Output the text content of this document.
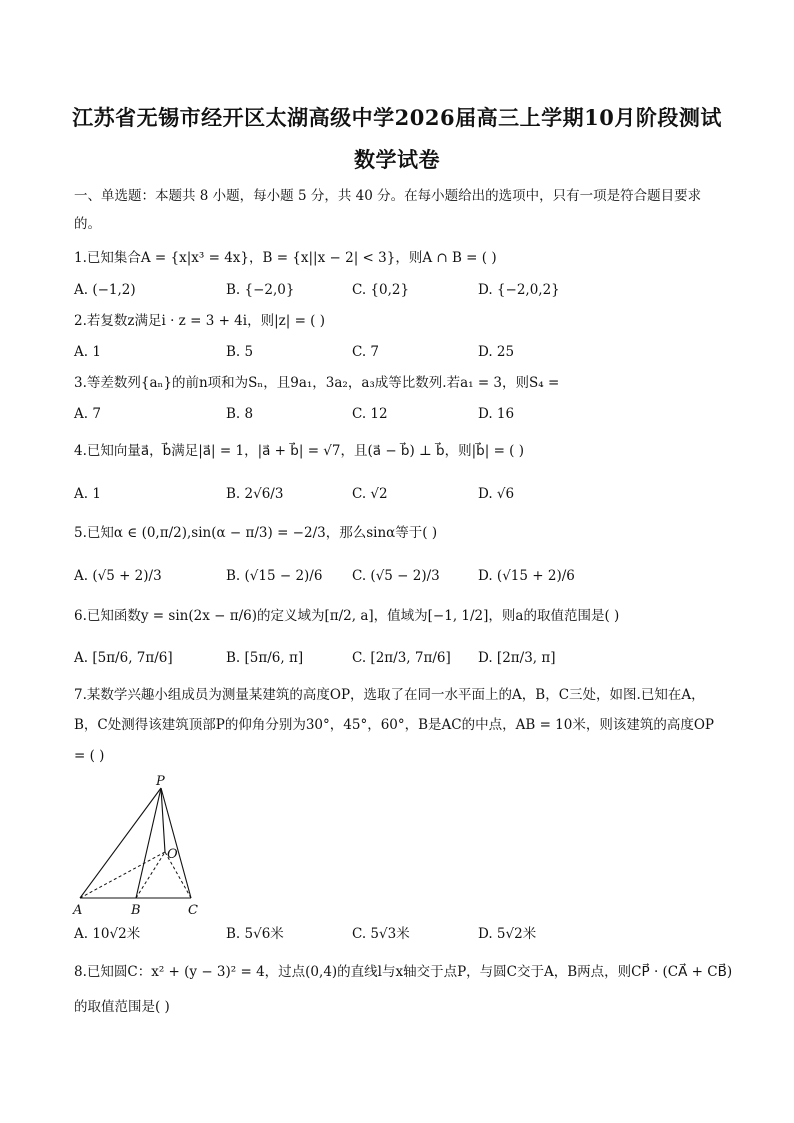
江苏省无锡市经开区太湖高级中学2026届高三上学期10月阶段测试
数学试卷
一、单选题：本题共 8 小题，每小题 5 分，共 40 分。在每小题给出的选项中，只有一项是符合题目要求
的。
1.已知集合A = {x|x³ = 4x}，B = {x||x − 2| < 3}，则A ∩ B = ( )
A. (−1,2)	B. {−2,0}	C. {0,2}	D. {−2,0,2}
2.若复数z满足i · z = 3 + 4i，则|z| = ( )
A. 1	B. 5	C. 7	D. 25
3.等差数列{aₙ}的前n项和为Sₙ，且9a₁，3a₂，a₃成等比数列.若a₁ = 3，则S₄ =
A. 7	B. 8	C. 12	D. 16
4.已知向量a⃗，b⃗满足|a⃗| = 1，|a⃗ + b⃗| = √7，且(a⃗ − b⃗) ⊥ b⃗，则|b⃗| = ( )
A. 1	B. 2√6/3	C. √2	D. √6
5.已知α ∈ (0,π/2),sin(α − π/3) = −2/3，那么sinα等于( )
A. (√5 + 2)/3	B. (√15 − 2)/6 C. (√5 − 2)/3	D. (√15 + 2)/6
6.已知函数y = sin(2x − π/6)的定义域为[π/2, a]，值域为[−1, 1/2]，则a的取值范围是( )
A. [5π/6, 7π/6]	B. [5π/6, π]	C. [2π/3, 7π/6] D. [2π/3, π]
7.某数学兴趣小组成员为测量某建筑的高度OP，选取了在同一水平面上的A，B，C三处，如图.已知在A，
B，C处测得该建筑顶部P的仰角分别为30°，45°，60°，B是AC的中点，AB = 10米，则该建筑的高度OP
= ( )
P
O
A	B	C
A. 10√2米	B. 5√6米	C. 5√3米	D. 5√2米
8.已知圆C：x² + (y − 3)² = 4，过点(0,4)的直线l与x轴交于点P，与圆C交于A，B两点，则CP⃗ · (CA⃗ + CB⃗)
的取值范围是( )
